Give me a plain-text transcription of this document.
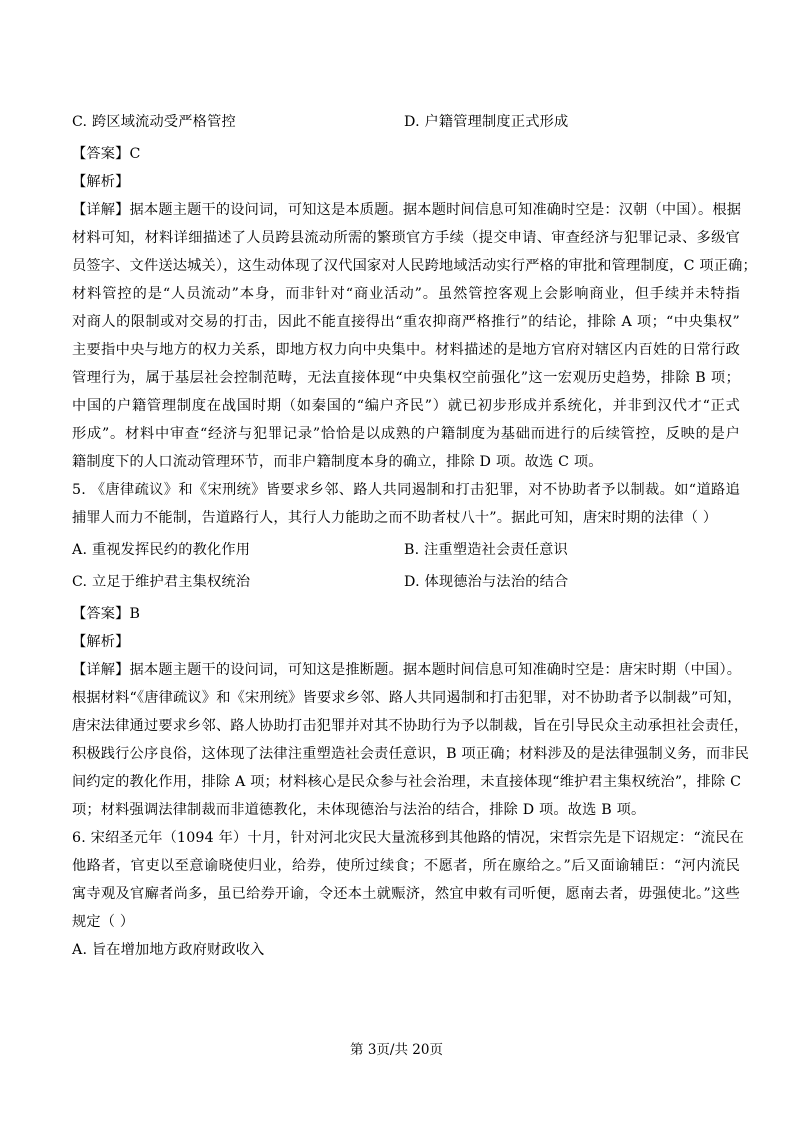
C. 跨区域流动受严格管控	D. 户籍管理制度正式形成
【答案】C
【解析】
【详解】据本题主题干的设问词，可知这是本质题。据本题时间信息可知准确时空是：汉朝（中国）。根据
材料可知，材料详细描述了人员跨县流动所需的繁琐官方手续（提交申请、审查经济与犯罪记录、多级官
员签字、文件送达城关），这生动体现了汉代国家对人民跨地域活动实行严格的审批和管理制度，C 项正确；
材料管控的是“人员流动”本身，而非针对“商业活动”。虽然管控客观上会影响商业，但手续并未特指
对商人的限制或对交易的打击，因此不能直接得出“重农抑商严格推行”的结论，排除 A 项；“中央集权”
主要指中央与地方的权力关系，即地方权力向中央集中。材料描述的是地方官府对辖区内百姓的日常行政
管理行为，属于基层社会控制范畴，无法直接体现“中央集权空前强化”这一宏观历史趋势，排除 B 项；
中国的户籍管理制度在战国时期（如秦国的“编户齐民”）就已初步形成并系统化，并非到汉代才“正式
形成”。材料中审查“经济与犯罪记录”恰恰是以成熟的户籍制度为基础而进行的后续管控，反映的是户
籍制度下的人口流动管理环节，而非户籍制度本身的确立，排除 D 项。故选 C 项。
5. 《唐律疏议》和《宋刑统》皆要求乡邻、路人共同遏制和打击犯罪，对不协助者予以制裁。如“道路追
捕罪人而力不能制，告道路行人，其行人力能助之而不助者杖八十”。据此可知，唐宋时期的法律（ ）
A. 重视发挥民约的教化作用	B. 注重塑造社会责任意识
C. 立足于维护君主集权统治	D. 体现德治与法治的结合
【答案】B
【解析】
【详解】据本题主题干的设问词，可知这是推断题。据本题时间信息可知准确时空是：唐宋时期（中国）。
根据材料“《唐律疏议》和《宋刑统》皆要求乡邻、路人共同遏制和打击犯罪，对不协助者予以制裁”可知，
唐宋法律通过要求乡邻、路人协助打击犯罪并对其不协助行为予以制裁，旨在引导民众主动承担社会责任，
积极践行公序良俗，这体现了法律注重塑造社会责任意识，B 项正确；材料涉及的是法律强制义务，而非民
间约定的教化作用，排除 A 项；材料核心是民众参与社会治理，未直接体现“维护君主集权统治”，排除 C
项；材料强调法律制裁而非道德教化，未体现德治与法治的结合，排除 D 项。故选 B 项。
6. 宋绍圣元年（1094 年）十月，针对河北灾民大量流移到其他路的情况，宋哲宗先是下诏规定：“流民在
他路者，官吏以至意谕晓使归业，给券，使所过续食；不愿者，所在廪给之。”后又面谕辅臣：“河内流民
寓寺观及官廨者尚多，虽已给券开谕，令还本土就赈济，然宜申敕有司听便，愿南去者，毋强使北。”这些
规定（ ）
A. 旨在增加地方政府财政收入
第 3页/共 20页
